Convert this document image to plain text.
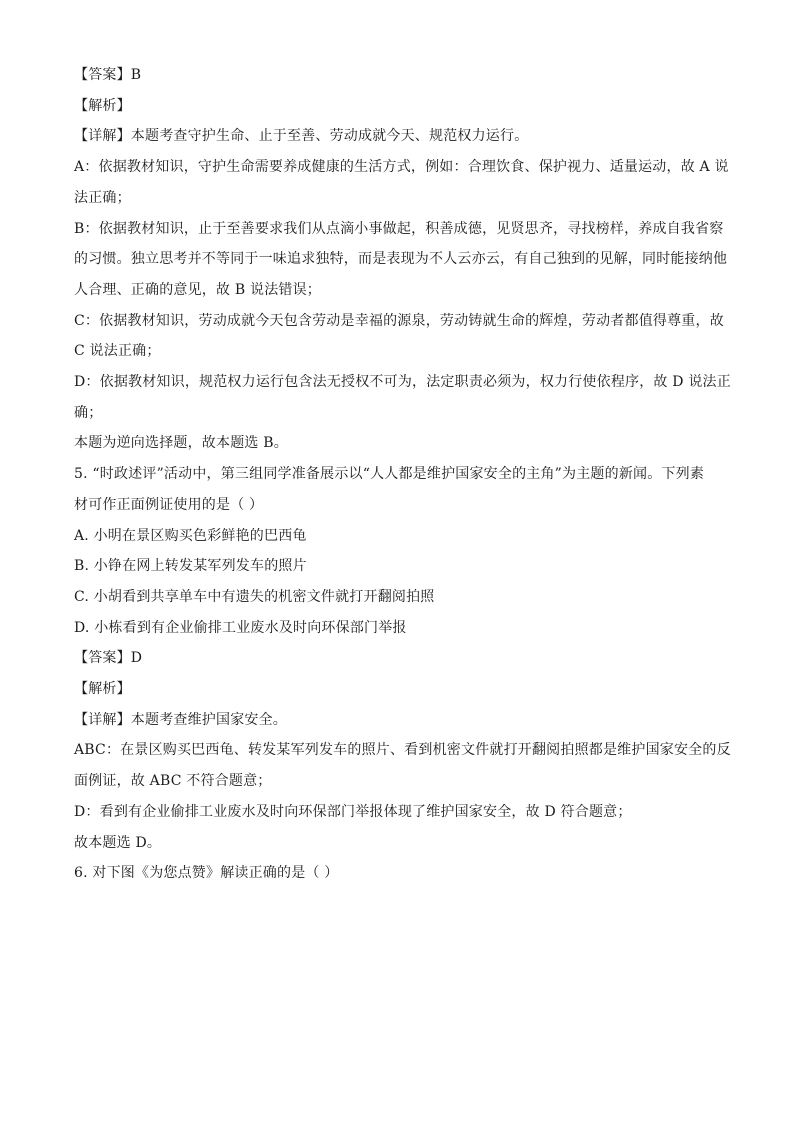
【答案】B
【解析】
【详解】本题考查守护生命、止于至善、劳动成就今天、规范权力运行。
A：依据教材知识，守护生命需要养成健康的生活方式，例如：合理饮食、保护视力、适量运动，故 A 说
法正确；
B：依据教材知识，止于至善要求我们从点滴小事做起，积善成德，见贤思齐，寻找榜样，养成自我省察
的习惯。独立思考并不等同于一味追求独特，而是表现为不人云亦云，有自己独到的见解，同时能接纳他
人合理、正确的意见，故 B 说法错误；
C：依据教材知识，劳动成就今天包含劳动是幸福的源泉，劳动铸就生命的辉煌，劳动者都值得尊重，故
C 说法正确；
D：依据教材知识，规范权力运行包含法无授权不可为，法定职责必须为，权力行使依程序，故 D 说法正
确；
本题为逆向选择题，故本题选 B。
5. “时政述评”活动中，第三组同学准备展示以“人人都是维护国家安全的主角”为主题的新闻。下列素
材可作正面例证使用的是（ ）
A. 小明在景区购买色彩鲜艳的巴西龟
B. 小铮在网上转发某军列发车的照片
C. 小胡看到共享单车中有遗失的机密文件就打开翻阅拍照
D. 小栋看到有企业偷排工业废水及时向环保部门举报
【答案】D
【解析】
【详解】本题考查维护国家安全。
ABC：在景区购买巴西龟、转发某军列发车的照片、看到机密文件就打开翻阅拍照都是维护国家安全的反
面例证，故 ABC 不符合题意；
D：看到有企业偷排工业废水及时向环保部门举报体现了维护国家安全，故 D 符合题意；
故本题选 D。
6. 对下图《为您点赞》解读正确的是（ ）
